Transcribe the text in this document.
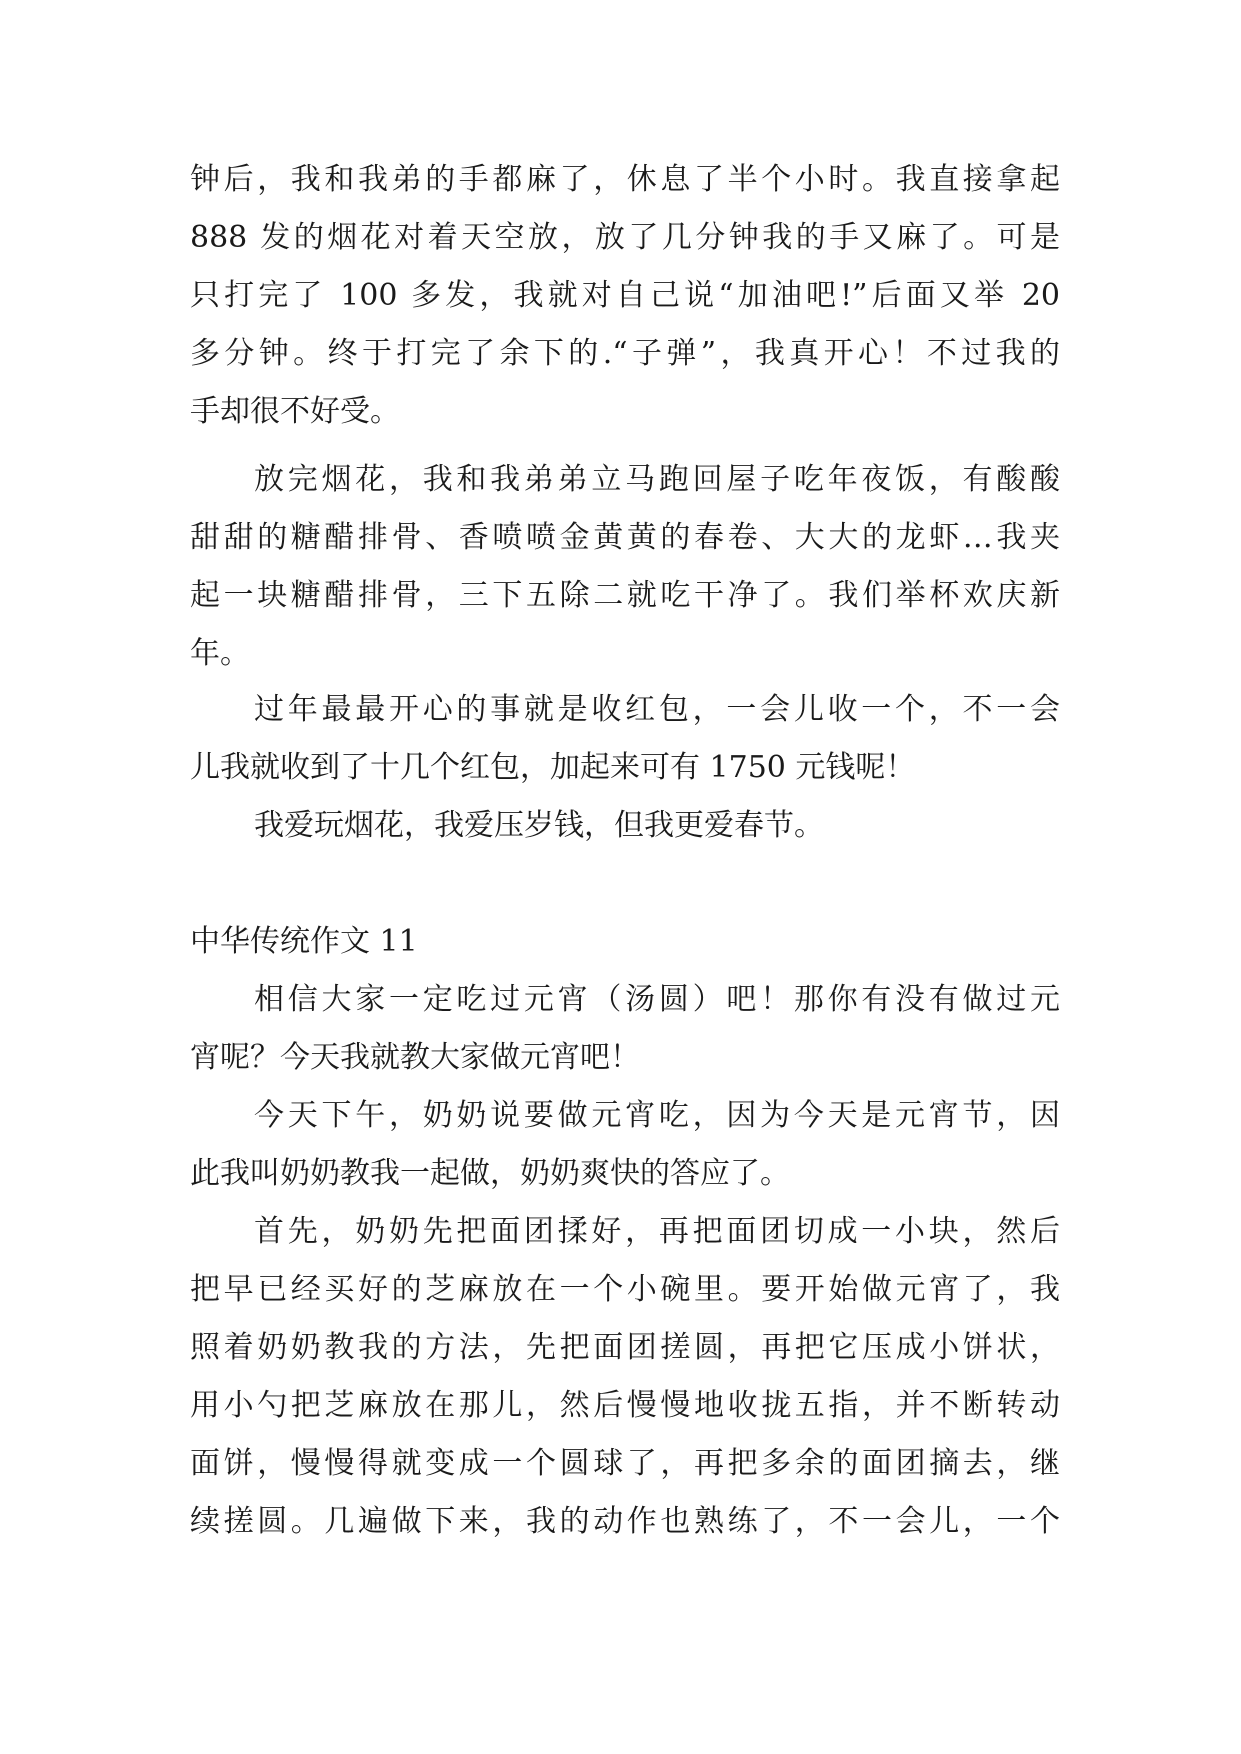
钟后，我和我弟的手都麻了，休息了半个小时。我直接拿起
888 发的烟花对着天空放，放了几分钟我的手又麻了。可是
只打完了 100 多发，我就对自己说“加油吧!”后面又举 20
多分钟。终于打完了余下的.“子弹”，我真开心！不过我的
手却很不好受。
放完烟花，我和我弟弟立马跑回屋子吃年夜饭，有酸酸
甜甜的糖醋排骨、香喷喷金黄黄的春卷、大大的龙虾…我夹
起一块糖醋排骨，三下五除二就吃干净了。我们举杯欢庆新
年。
过年最最开心的事就是收红包，一会儿收一个，不一会
儿我就收到了十几个红包，加起来可有 1750 元钱呢！
我爱玩烟花，我爱压岁钱，但我更爱春节。
中华传统作文 11
相信大家一定吃过元宵（汤圆）吧！那你有没有做过元
宵呢？今天我就教大家做元宵吧！
今天下午，奶奶说要做元宵吃，因为今天是元宵节，因
此我叫奶奶教我一起做，奶奶爽快的答应了。
首先，奶奶先把面团揉好，再把面团切成一小块，然后
把早已经买好的芝麻放在一个小碗里。要开始做元宵了，我
照着奶奶教我的方法，先把面团搓圆，再把它压成小饼状，
用小勺把芝麻放在那儿，然后慢慢地收拢五指，并不断转动
面饼，慢慢得就变成一个圆球了，再把多余的面团摘去，继
续搓圆。几遍做下来，我的动作也熟练了，不一会儿，一个
